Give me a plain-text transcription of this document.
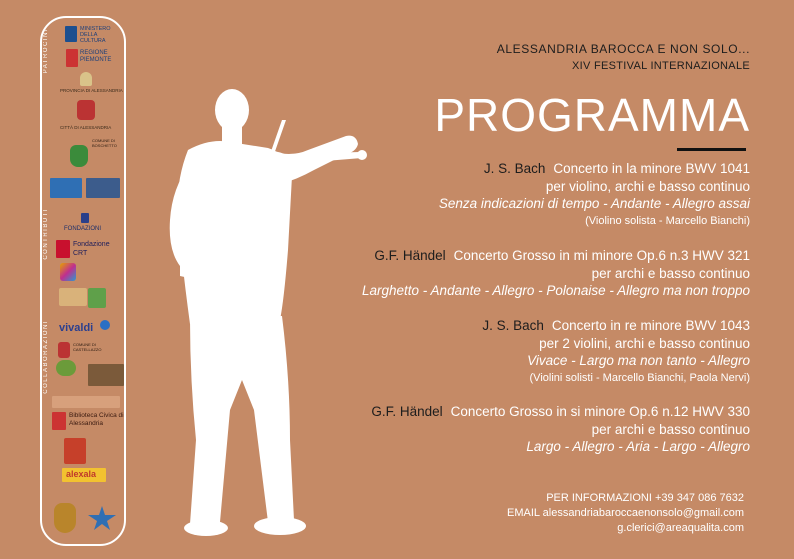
PATROCINI
CONTRIBUTI
COLLABORAZIONI
MINISTERO DELLA CULTURA
REGIONE PIEMONTE
PROVINCIA DI ALESSANDRIA
CITTÀ DI ALESSANDRIA
COMUNE DI BOSCHETTO
FONDAZIONI
Fondazione CRT
vivaldi
COMUNE DI CASTELLAZZO
Biblioteca Civica di Alessandria
alexala
ALESSANDRIA BAROCCA E NON SOLO...
XIV FESTIVAL INTERNAZIONALE
PROGRAMMA
J. S. Bach Concerto in la minore BWV 1041
per violino, archi e basso continuo
Senza indicazioni di tempo - Andante - Allegro assai
(Violino solista - Marcello Bianchi)
G.F. Händel Concerto Grosso in mi minore Op.6 n.3 HWV 321
per archi e basso continuo
Larghetto - Andante - Allegro - Polonaise - Allegro ma non troppo
J. S. Bach Concerto in re minore BWV 1043
per 2 violini, archi e basso continuo
Vivace - Largo ma non tanto - Allegro
(Violini solisti - Marcello Bianchi, Paola Nervi)
G.F. Händel Concerto Grosso in si minore Op.6 n.12 HWV 330
per archi e basso continuo
Largo - Allegro - Aria - Largo - Allegro
PER INFORMAZIONI +39 347 086 7632
EMAIL alessandriabaroccaenonsolo@gmail.com
g.clerici@areaqualita.com
